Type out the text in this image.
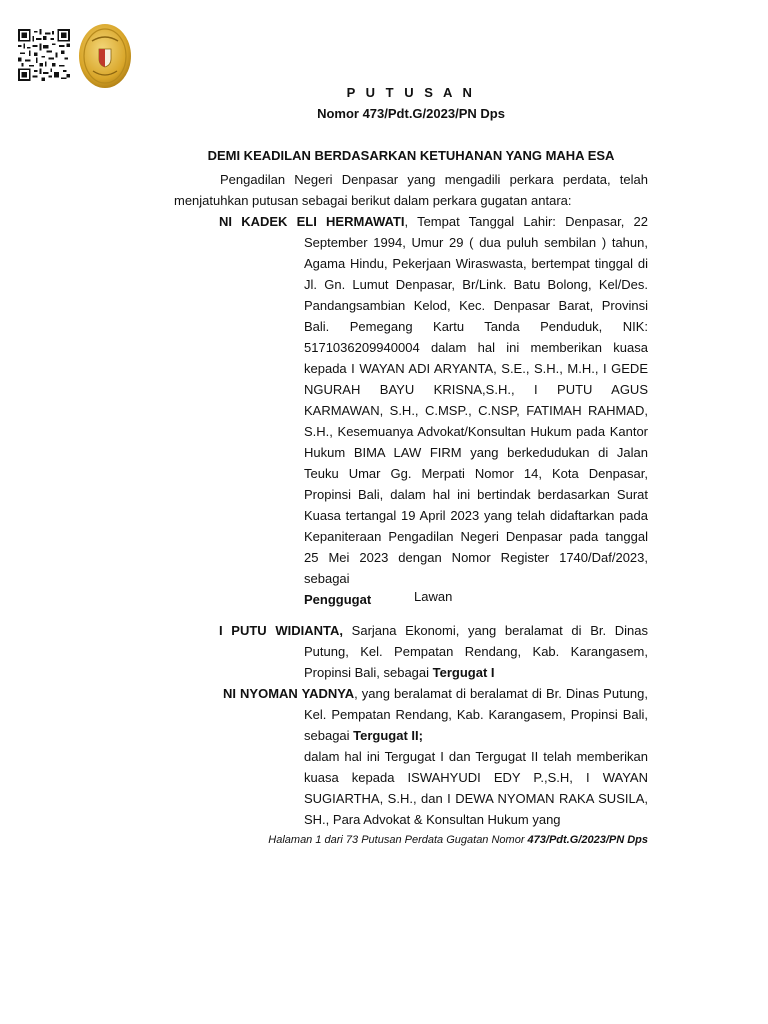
P U T U S A N
Nomor 473/Pdt.G/2023/PN Dps
DEMI KEADILAN BERDASARKAN KETUHANAN YANG MAHA ESA
Pengadilan Negeri Denpasar yang mengadili perkara perdata, telah menjatuhkan putusan sebagai berikut dalam perkara gugatan antara:
NI KADEK ELI HERMAWATI, Tempat Tanggal Lahir: Denpasar, 22 September 1994, Umur 29 ( dua puluh sembilan ) tahun, Agama Hindu, Pekerjaan Wiraswasta, bertempat tinggal di Jl. Gn. Lumut Denpasar, Br/Link. Batu Bolong, Kel/Des. Pandangsambian Kelod, Kec. Denpasar Barat, Provinsi Bali. Pemegang Kartu Tanda Penduduk, NIK: 5171036209940004 dalam hal ini memberikan kuasa kepada I WAYAN ADI ARYANTA, S.E., S.H., M.H., I GEDE NGURAH BAYU KRISNA,S.H., I PUTU AGUS KARMAWAN, S.H., C.MSP., C.NSP, FATIMAH RAHMAD, S.H., Kesemuanya Advokat/Konsultan Hukum pada Kantor Hukum BIMA LAW FIRM yang berkedudukan di Jalan Teuku Umar Gg. Merpati Nomor 14, Kota Denpasar, Propinsi Bali, dalam hal ini bertindak berdasarkan Surat Kuasa tertangal 19 April 2023 yang telah didaftarkan pada Kepaniteraan Pengadilan Negeri Denpasar pada tanggal 25 Mei 2023 dengan Nomor Register 1740/Daf/2023, sebagai
Penggugat	Lawan
I PUTU WIDIANTA, Sarjana Ekonomi, yang beralamat di Br. Dinas Putung, Kel. Pempatan Rendang, Kab. Karangasem, Propinsi Bali, sebagai Tergugat I
NI NYOMAN YADNYA, yang beralamat di beralamat di Br. Dinas Putung, Kel. Pempatan Rendang, Kab. Karangasem, Propinsi Bali, sebagai Tergugat II;
dalam hal ini Tergugat I dan Tergugat II telah memberikan kuasa kepada ISWAHYUDI EDY P.,S.H, I WAYAN SUGIARTHA, S.H., dan I DEWA NYOMAN RAKA SUSILA, SH., Para Advokat & Konsultan Hukum yang
Halaman 1 dari 73 Putusan Perdata Gugatan Nomor 473/Pdt.G/2023/PN Dps
